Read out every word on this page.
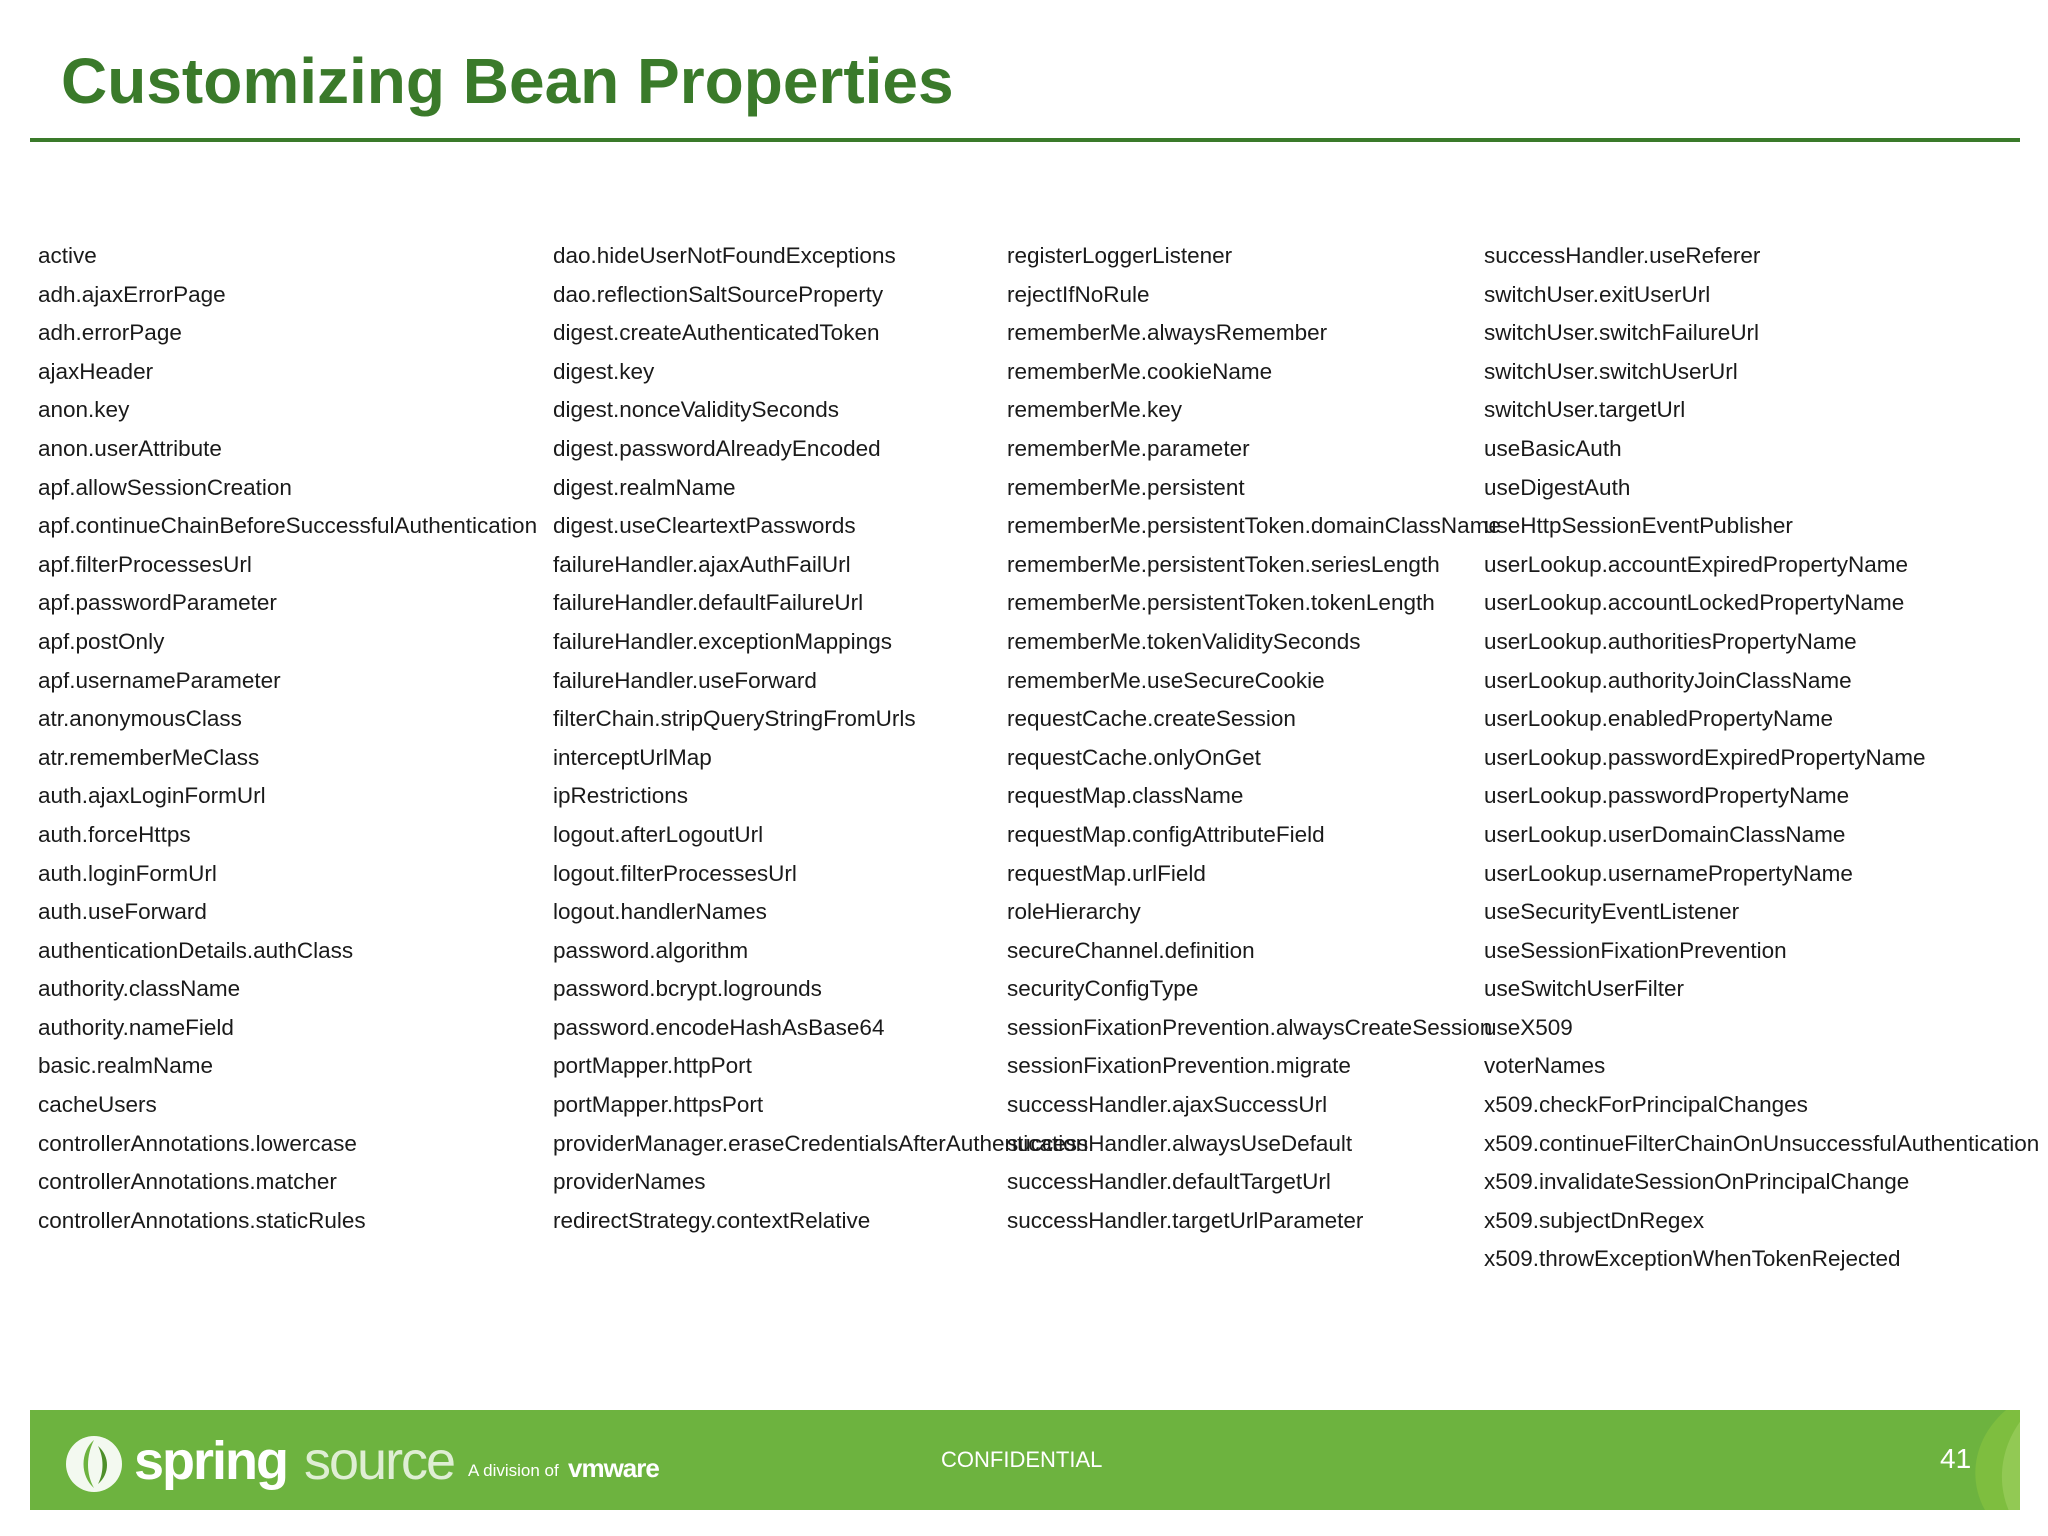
Customizing Bean Properties
active
adh.ajaxErrorPage
adh.errorPage
ajaxHeader
anon.key
anon.userAttribute
apf.allowSessionCreation
apf.continueChainBeforeSuccessfulAuthentication
apf.filterProcessesUrl
apf.passwordParameter
apf.postOnly
apf.usernameParameter
atr.anonymousClass
atr.rememberMeClass
auth.ajaxLoginFormUrl
auth.forceHttps
auth.loginFormUrl
auth.useForward
authenticationDetails.authClass
authority.className
authority.nameField
basic.realmName
cacheUsers
controllerAnnotations.lowercase
controllerAnnotations.matcher
controllerAnnotations.staticRules
dao.hideUserNotFoundExceptions
dao.reflectionSaltSourceProperty
digest.createAuthenticatedToken
digest.key
digest.nonceValiditySeconds
digest.passwordAlreadyEncoded
digest.realmName
digest.useCleartextPasswords
failureHandler.ajaxAuthFailUrl
failureHandler.defaultFailureUrl
failureHandler.exceptionMappings
failureHandler.useForward
filterChain.stripQueryStringFromUrls
interceptUrlMap
ipRestrictions
logout.afterLogoutUrl
logout.filterProcessesUrl
logout.handlerNames
password.algorithm
password.bcrypt.logrounds
password.encodeHashAsBase64
portMapper.httpPort
portMapper.httpsPort
providerManager.eraseCredentialsAfterAuthentication
providerNames
redirectStrategy.contextRelative
registerLoggerListener
rejectIfNoRule
rememberMe.alwaysRemember
rememberMe.cookieName
rememberMe.key
rememberMe.parameter
rememberMe.persistent
rememberMe.persistentToken.domainClassName
rememberMe.persistentToken.seriesLength
rememberMe.persistentToken.tokenLength
rememberMe.tokenValiditySeconds
rememberMe.useSecureCookie
requestCache.createSession
requestCache.onlyOnGet
requestMap.className
requestMap.configAttributeField
requestMap.urlField
roleHierarchy
secureChannel.definition
securityConfigType
sessionFixationPrevention.alwaysCreateSession
sessionFixationPrevention.migrate
successHandler.ajaxSuccessUrl
successHandler.alwaysUseDefault
successHandler.defaultTargetUrl
successHandler.targetUrlParameter
successHandler.useReferer
switchUser.exitUserUrl
switchUser.switchFailureUrl
switchUser.switchUserUrl
switchUser.targetUrl
useBasicAuth
useDigestAuth
useHttpSessionEventPublisher
userLookup.accountExpiredPropertyName
userLookup.accountLockedPropertyName
userLookup.authoritiesPropertyName
userLookup.authorityJoinClassName
userLookup.enabledPropertyName
userLookup.passwordExpiredPropertyName
userLookup.passwordPropertyName
userLookup.userDomainClassName
userLookup.usernamePropertyName
useSecurityEventListener
useSessionFixationPrevention
useSwitchUserFilter
useX509
voterNames
x509.checkForPrincipalChanges
x509.continueFilterChainOnUnsuccessfulAuthentication
x509.invalidateSessionOnPrincipalChange
x509.subjectDnRegex
x509.throwExceptionWhenTokenRejected
spring source A division of vmware	CONFIDENTIAL	41
